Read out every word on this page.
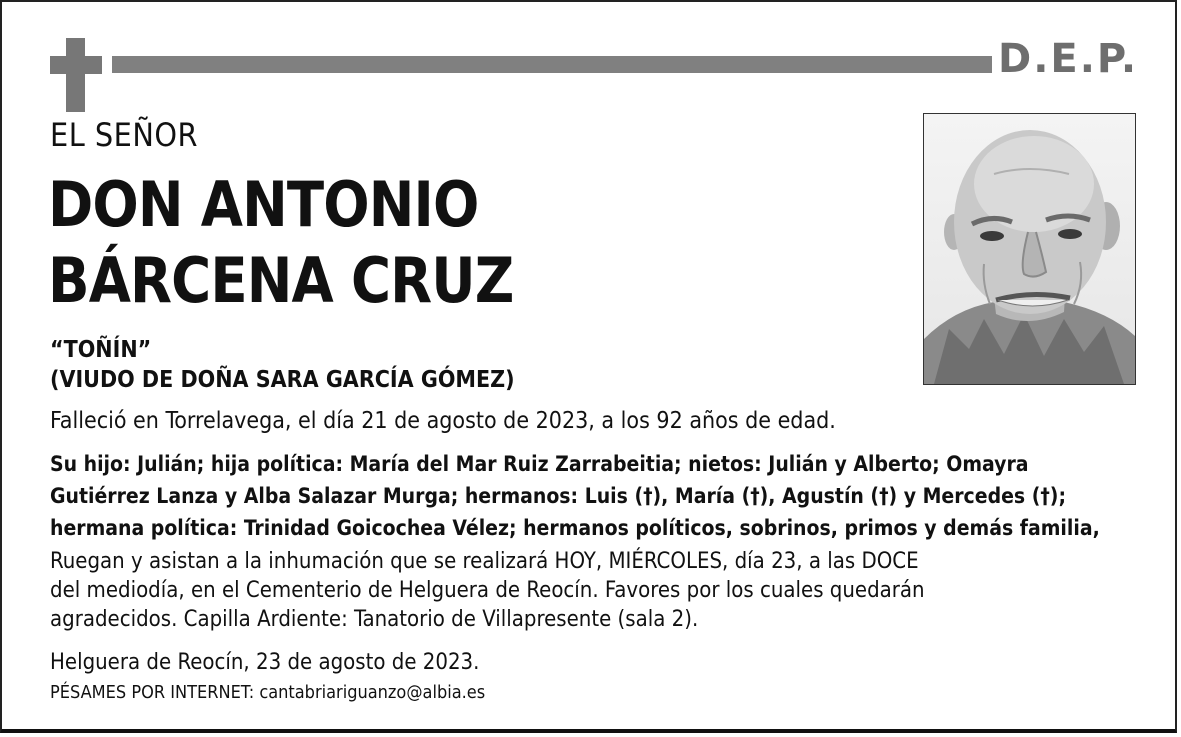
D.E.P.
EL SEÑOR
DON ANTONIO
BÁRCENA CRUZ
“TOÑÍN”
(VIUDO DE DOÑA SARA GARCÍA GÓMEZ)
Falleció en Torrelavega, el día 21 de agosto de 2023, a los 92 años de edad.
Su hijo: Julián; hija política: María del Mar Ruiz Zarrabeitia; nietos: Julián y Alberto; Omayra
Gutiérrez Lanza y Alba Salazar Murga; hermanos: Luis (†), María (†), Agustín (†) y Mercedes (†);
hermana política: Trinidad Goicochea Vélez; hermanos políticos, sobrinos, primos y demás familia,
Ruegan y asistan a la inhumación que se realizará HOY, MIÉRCOLES, día 23, a las DOCE
del mediodía, en el Cementerio de Helguera de Reocín. Favores por los cuales quedarán
agradecidos. Capilla Ardiente: Tanatorio de Villapresente (sala 2).
Helguera de Reocín, 23 de agosto de 2023.
PÉSAMES POR INTERNET: cantabriariguanzo@albia.es
